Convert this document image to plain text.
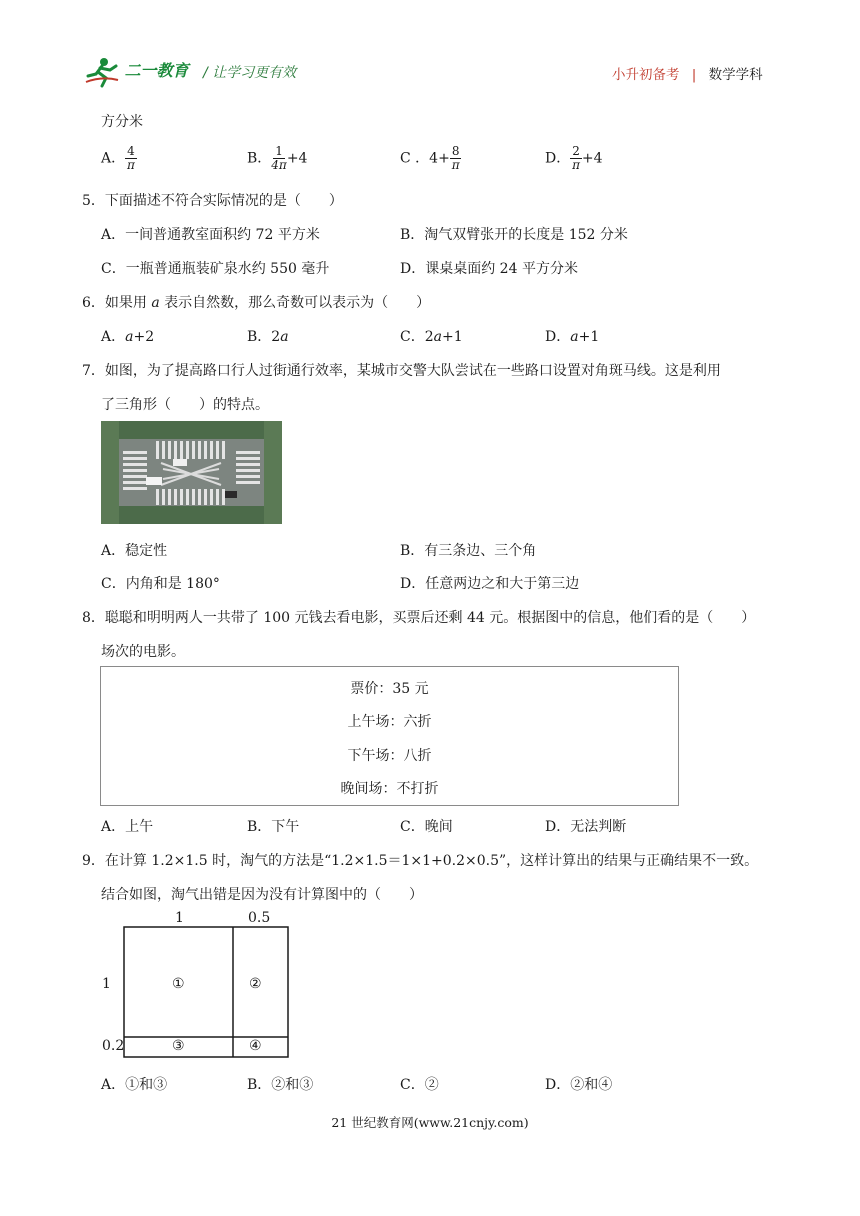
二一教育 / 让学习更有效	小升初备考 | 数学学科
方分米
A． $\frac{4}{\pi}$	B． $\frac{1}{4\pi} +4$	C ．$4+ \frac{8}{\pi}$	D． $\frac{2}{\pi} +4$
5．下面描述不符合实际情况的是（　　）
A．一间普通教室面积约 72 平方米	B．淘气双臂张开的长度是 152 分米
C．一瓶普通瓶装矿泉水约 550 毫升	D．课桌桌面约 24 平方分米
6．如果用 a 表示自然数，那么奇数可以表示为（　　）
A．a+2	B．2a	C．2a+1	D．a+1
7．如图，为了提高路口行人过街通行效率，某城市交警大队尝试在一些路口设置对角斑马线。这是利用
了三角形（　　）的特点。
A．稳定性	B．有三条边、三个角
C．内角和是 180°	D．任意两边之和大于第三边
8．聪聪和明明两人一共带了 100 元钱去看电影，买票后还剩 44 元。根据图中的信息，他们看的是（　　）
场次的电影。
票价：35 元
上午场：六折
下午场：八折
晚间场：不打折
A．上午	B．下午	C．晚间	D．无法判断
9．在计算 1.2×1.5 时，淘气的方法是“1.2×1.5＝1×1+0.2×0.5”，这样计算出的结果与正确结果不一致。
结合如图，淘气出错是因为没有计算图中的（　　）
1	0.5
1
0.2
①	②
③	④
A．①和③	B．②和③	C．②	D．②和④
21 世纪教育网(www.21cnjy.com)
